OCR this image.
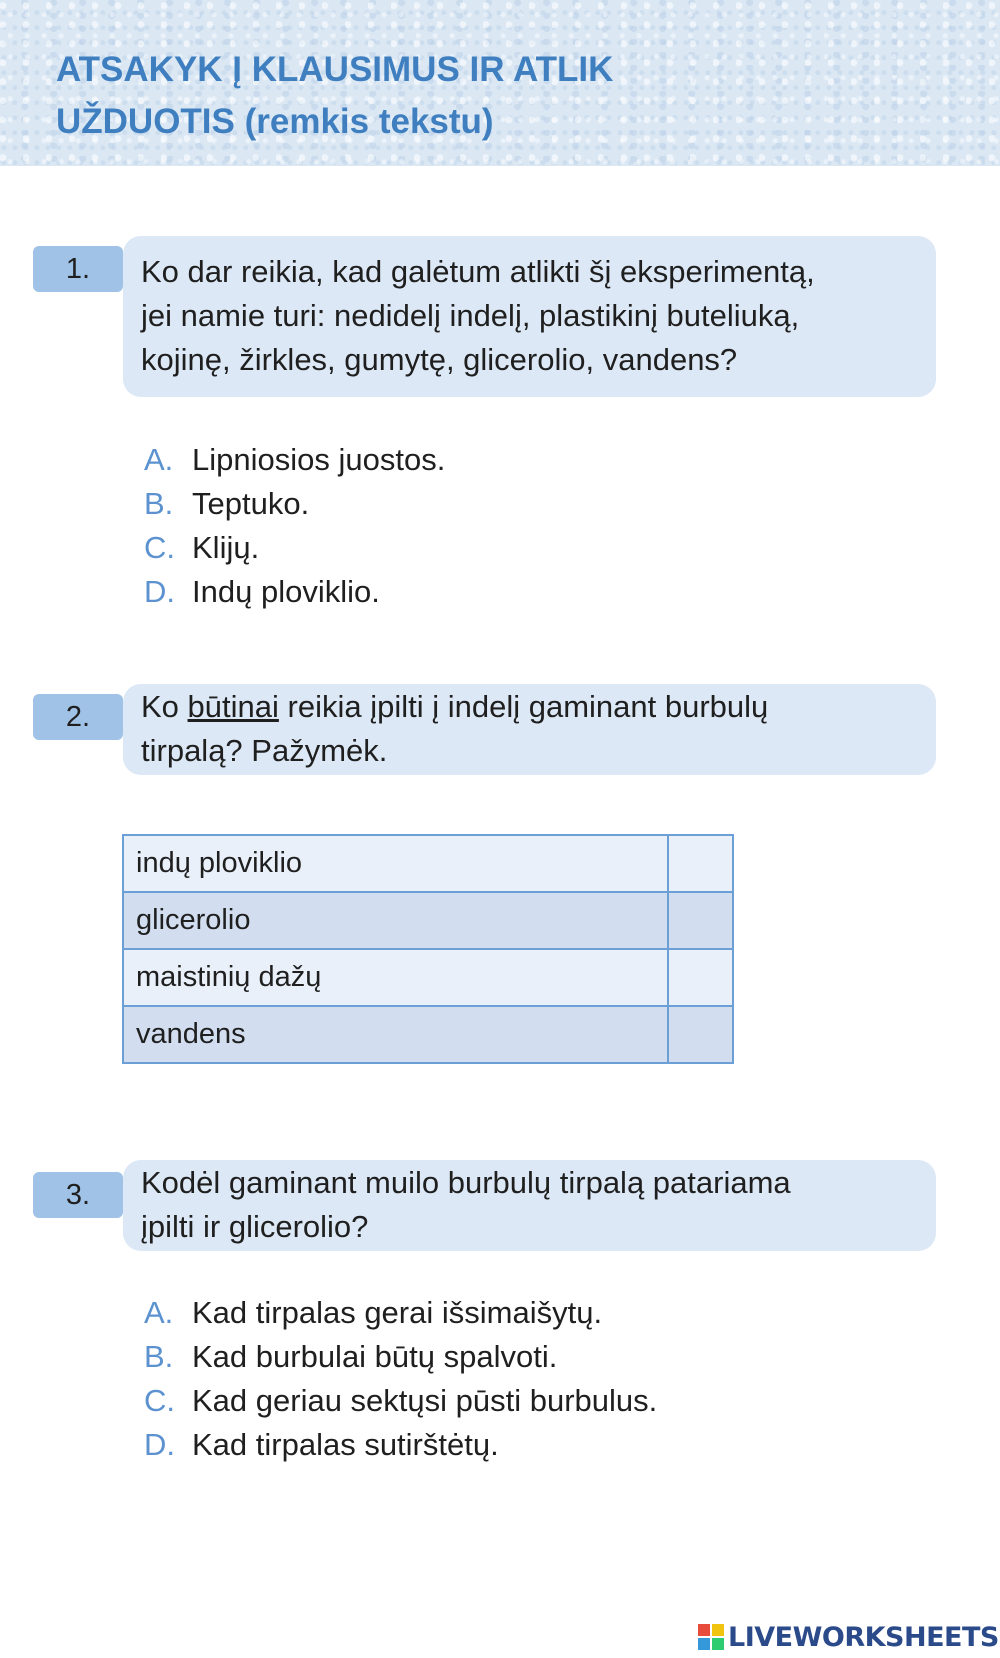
ATSAKYK Į KLAUSIMUS IR ATLIK
UŽDUOTIS (remkis tekstu)
1.	Ko dar reikia, kad galėtum atlikti šį eksperimentą,
jei namie turi: nedidelį indelį, plastikinį buteliuką,
kojinę, žirkles, gumytę, glicerolio, vandens?
A. Lipniosios juostos.
B. Teptuko.
C. Klijų.
D. Indų ploviklio.
2.	Ko būtinai reikia įpilti į indelį gaminant burbulų
tirpalą? Pažymėk.
indų ploviklio	
glicerolio	
maistinių dažų	
vandens	
3.	Kodėl gaminant muilo burbulų tirpalą patariama
įpilti ir glicerolio?
A. Kad tirpalas gerai išsimaišytų.
B. Kad burbulai būtų spalvoti.
C. Kad geriau sektųsi pūsti burbulus.
D. Kad tirpalas sutirštėtų.
LIVEWORKSHEETS
